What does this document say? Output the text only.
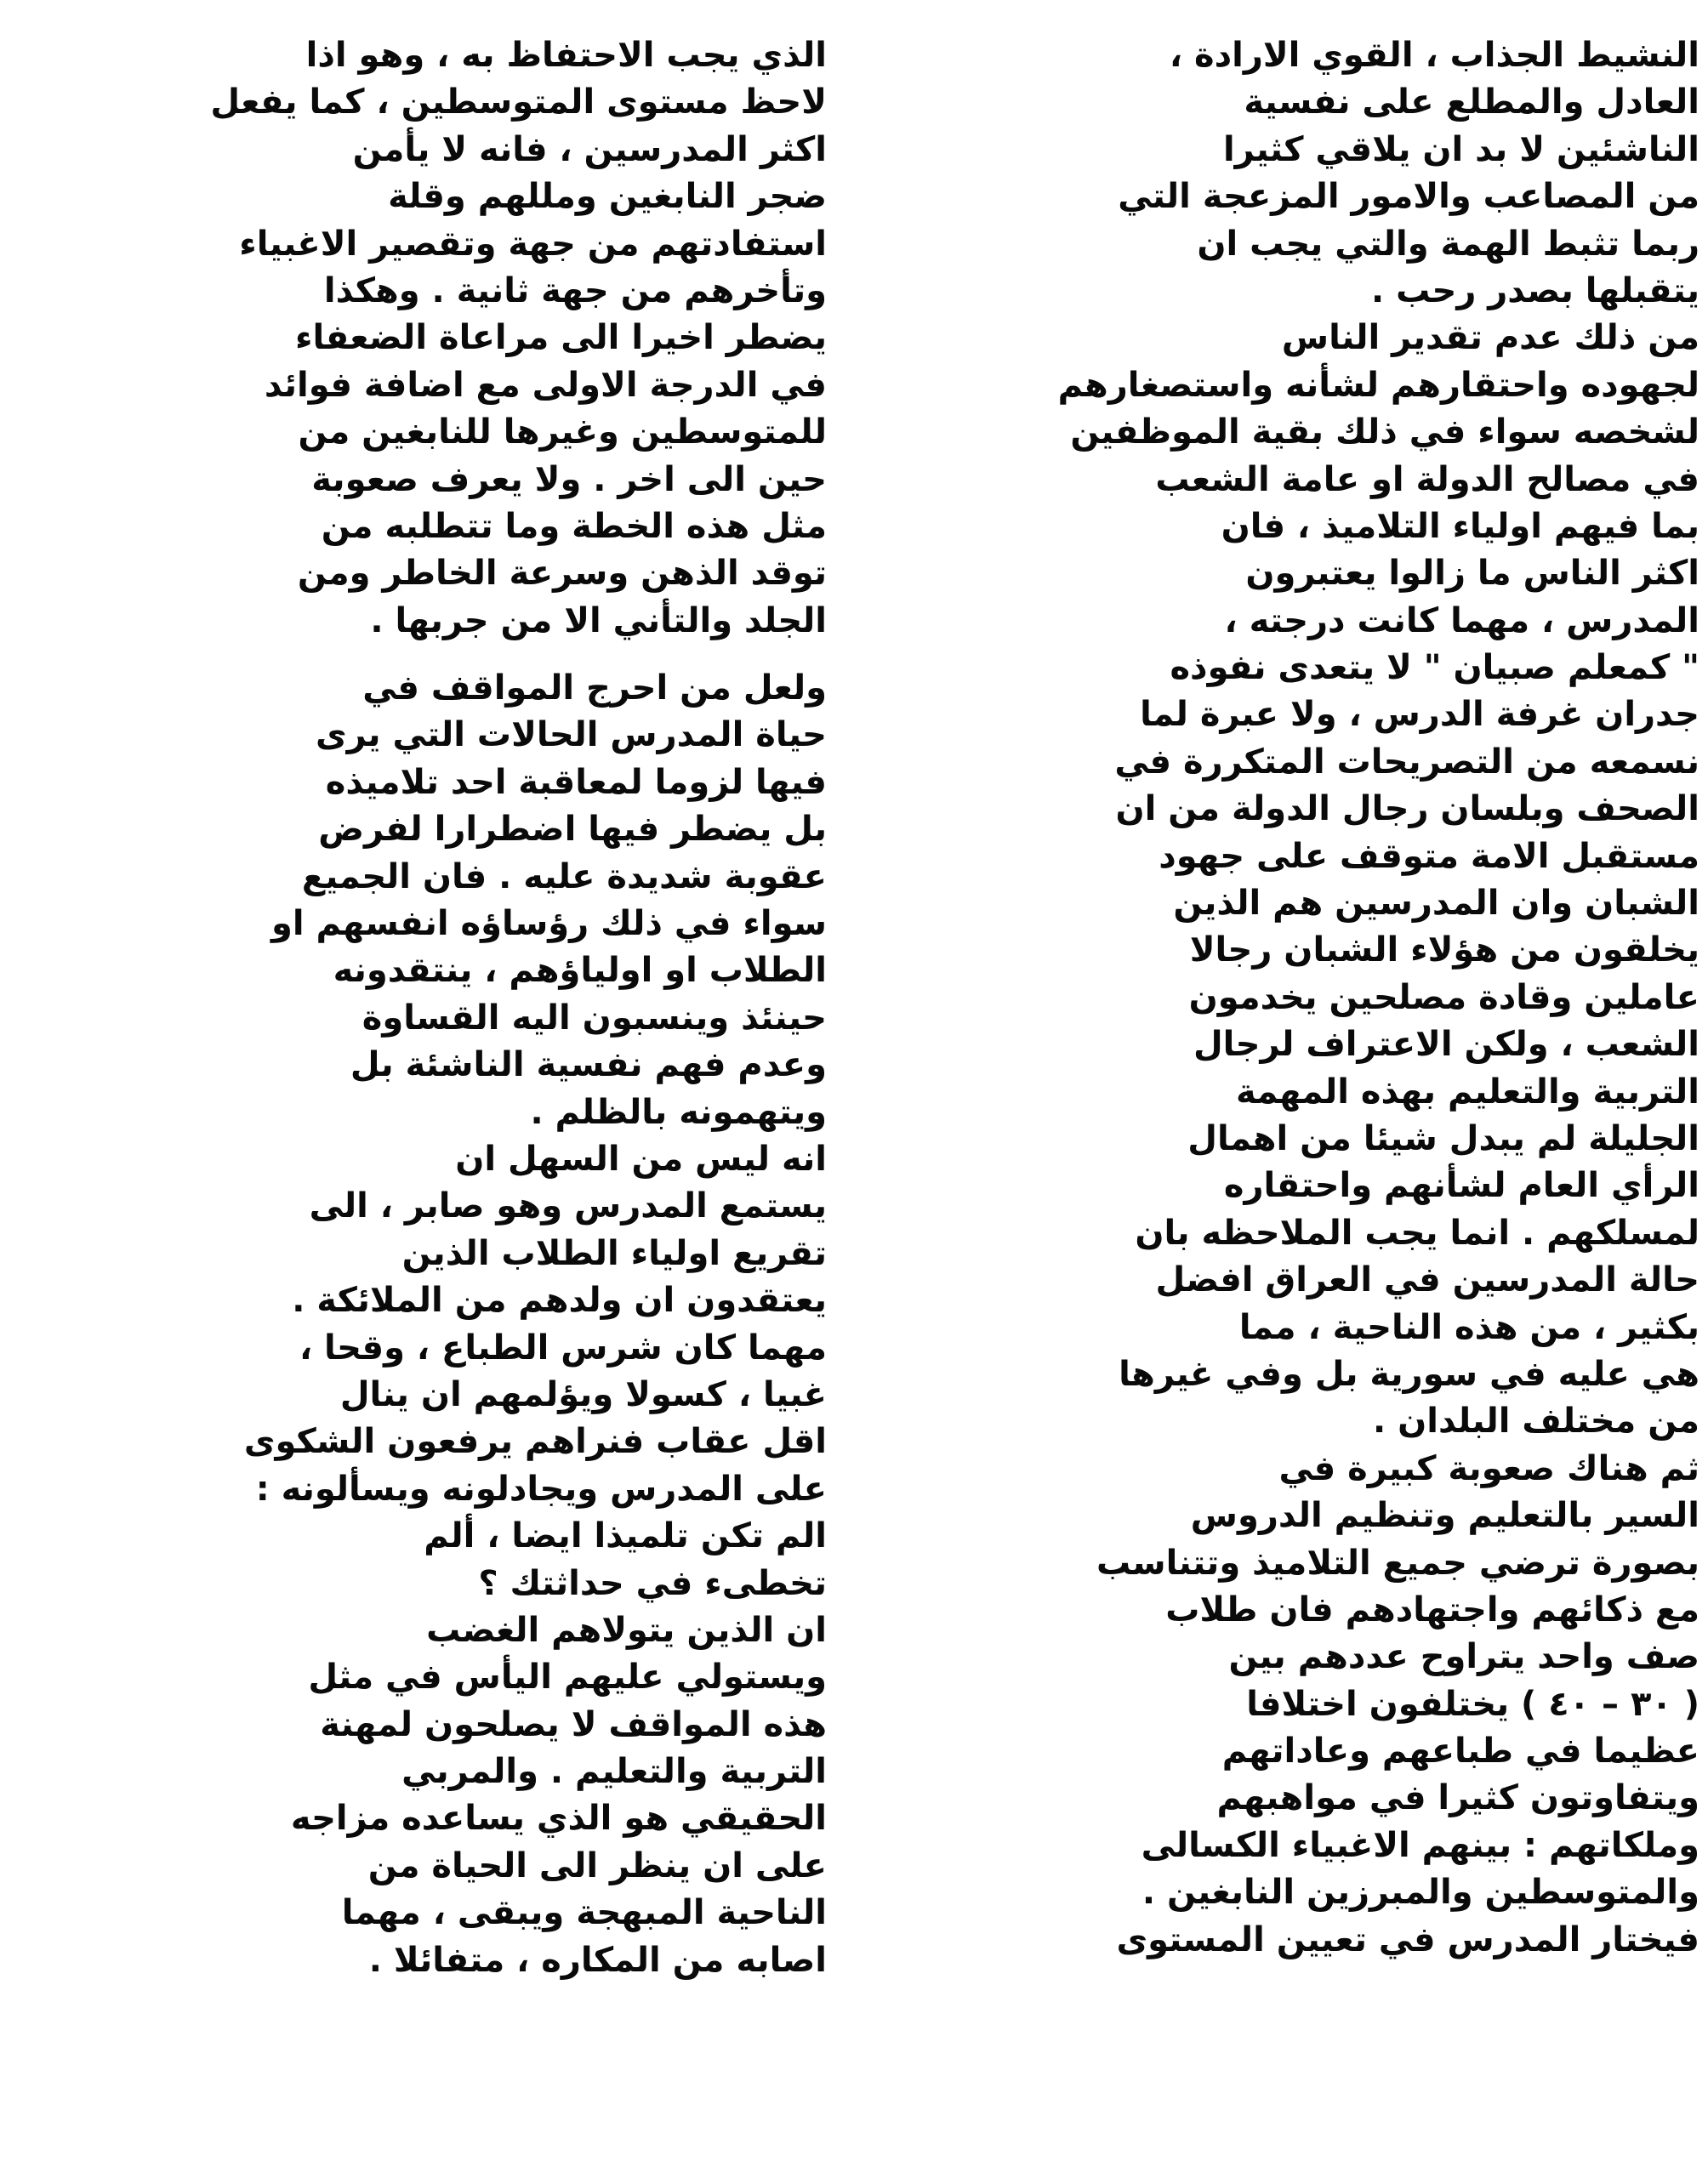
النشيط الجذاب ، القوي الارادة ،
العادل والمطلع على نفسية
الناشئين لا بد ان يلاقي كثيرا
من المصاعب والامور المزعجة التي
ربما تثبط الهمة والتي يجب ان
يتقبلها بصدر رحب .
من ذلك عدم تقدير الناس
لجهوده واحتقارهم لشأنه واستصغارهم
لشخصه سواء في ذلك بقية الموظفين
في مصالح الدولة او عامة الشعب
بما فيهم اولياء التلاميذ ، فان
اكثر الناس ما زالوا يعتبرون
المدرس ، مهما كانت درجته ،
" كمعلم صبيان " لا يتعدى نفوذه
جدران غرفة الدرس ، ولا عبرة لما
نسمعه من التصريحات المتكررة في
الصحف وبلسان رجال الدولة من ان
مستقبل الامة متوقف على جهود
الشبان وان المدرسين هم الذين
يخلقون من هؤلاء الشبان رجالا
عاملين وقادة مصلحين يخدمون
الشعب ، ولكن الاعتراف لرجال
التربية والتعليم بهذه المهمة
الجليلة لم يبدل شيئا من اهمال
الرأي العام لشأنهم واحتقاره
لمسلكهم . انما يجب الملاحظه بان
حالة المدرسين في العراق افضل
بكثير ، من هذه الناحية ، مما
هي عليه في سورية بل وفي غيرها
من مختلف البلدان .
ثم هناك صعوبة كبيرة في
السير بالتعليم وتنظيم الدروس
بصورة ترضي جميع التلاميذ وتتناسب
مع ذكائهم واجتهادهم فان طلاب
صف واحد يتراوح عددهم بين
( ٣٠ – ٤٠ ) يختلفون اختلافا
عظيما في طباعهم وعاداتهم
ويتفاوتون كثيرا في مواهبهم
وملكاتهم : بينهم الاغبياء الكسالى
والمتوسطين والمبرزين النابغين .
فيختار المدرس في تعيين المستوى
الذي يجب الاحتفاظ به ، وهو اذا
لاحظ مستوى المتوسطين ، كما يفعل
اكثر المدرسين ، فانه لا يأمن
ضجر النابغين ومللهم وقلة
استفادتهم من جهة وتقصير الاغبياء
وتأخرهم من جهة ثانية . وهكذا
يضطر اخيرا الى مراعاة الضعفاء
في الدرجة الاولى مع اضافة فوائد
للمتوسطين وغيرها للنابغين من
حين الى اخر . ولا يعرف صعوبة
مثل هذه الخطة وما تتطلبه من
توقد الذهن وسرعة الخاطر ومن
الجلد والتأني الا من جربها .
ولعل من احرج المواقف في
حياة المدرس الحالات التي يرى
فيها لزوما لمعاقبة احد تلاميذه
بل يضطر فيها اضطرارا لفرض
عقوبة شديدة عليه . فان الجميع
سواء في ذلك رؤساؤه انفسهم او
الطلاب او اولياؤهم ، ينتقدونه
حينئذ وينسبون اليه القساوة
وعدم فهم نفسية الناشئة بل
ويتهمونه بالظلم .
انه ليس من السهل ان
يستمع المدرس وهو صابر ، الى
تقريع اولياء الطلاب الذين
يعتقدون ان ولدهم من الملائكة .
مهما كان شرس الطباع ، وقحا ،
غبيا ، كسولا ويؤلمهم ان ينال
اقل عقاب فنراهم يرفعون الشكوى
على المدرس ويجادلونه ويسألونه :
الم تكن تلميذا ايضا ، ألم
تخطىء في حداثتك ؟
ان الذين يتولاهم الغضب
ويستولي عليهم اليأس في مثل
هذه المواقف لا يصلحون لمهنة
التربية والتعليم . والمربي
الحقيقي هو الذي يساعده مزاجه
على ان ينظر الى الحياة من
الناحية المبهجة ويبقى ، مهما
اصابه من المكاره ، متفائلا .
